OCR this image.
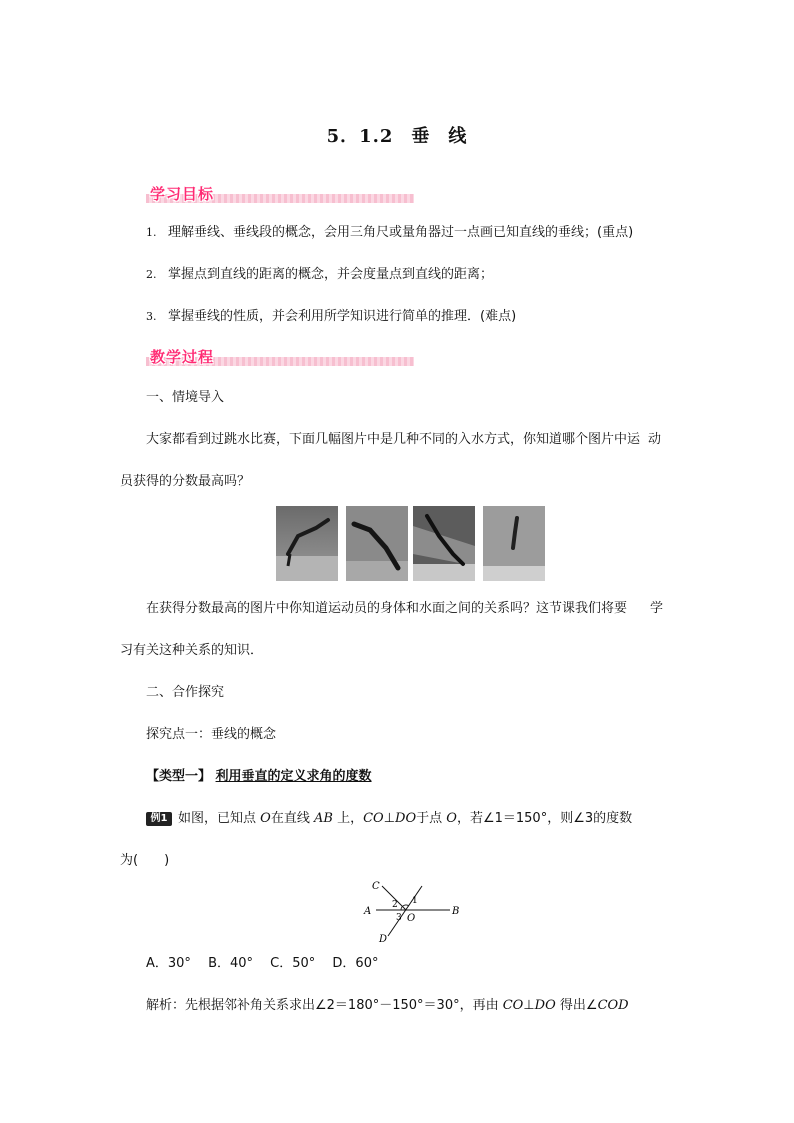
5．1.2 垂 线
学习目标
1. 理解垂线、垂线段的概念，会用三角尺或量角器过一点画已知直线的垂线；(重点)
2. 掌握点到直线的距离的概念，并会度量点到直线的距离；
3. 掌握垂线的性质，并会利用所学知识进行简单的推理．(难点)
教学过程
一、情境导入
大家都看到过跳水比赛，下面几幅图片中是几种不同的入水方式，你知道哪个图片中运 动
员获得的分数最高吗？
在获得分数最高的图片中你知道运动员的身体和水面之间的关系吗？这节课我们将要 学
习有关这种关系的知识．
二、合作探究
探究点一：垂线的概念
【类型一】 利用垂直的定义求角的度数
例1 如图，已知点 O在直线 AB 上，CO⊥DO于点 O，若∠1＝150°，则∠3的度数
为(　　)
A	B
C
D
O
1
2
3
A．30°　 B．40°　 C．50°　 D．60°
解析：先根据邻补角关系求出∠2＝180°－150°＝30°，再由 CO⊥DO 得出∠COD
